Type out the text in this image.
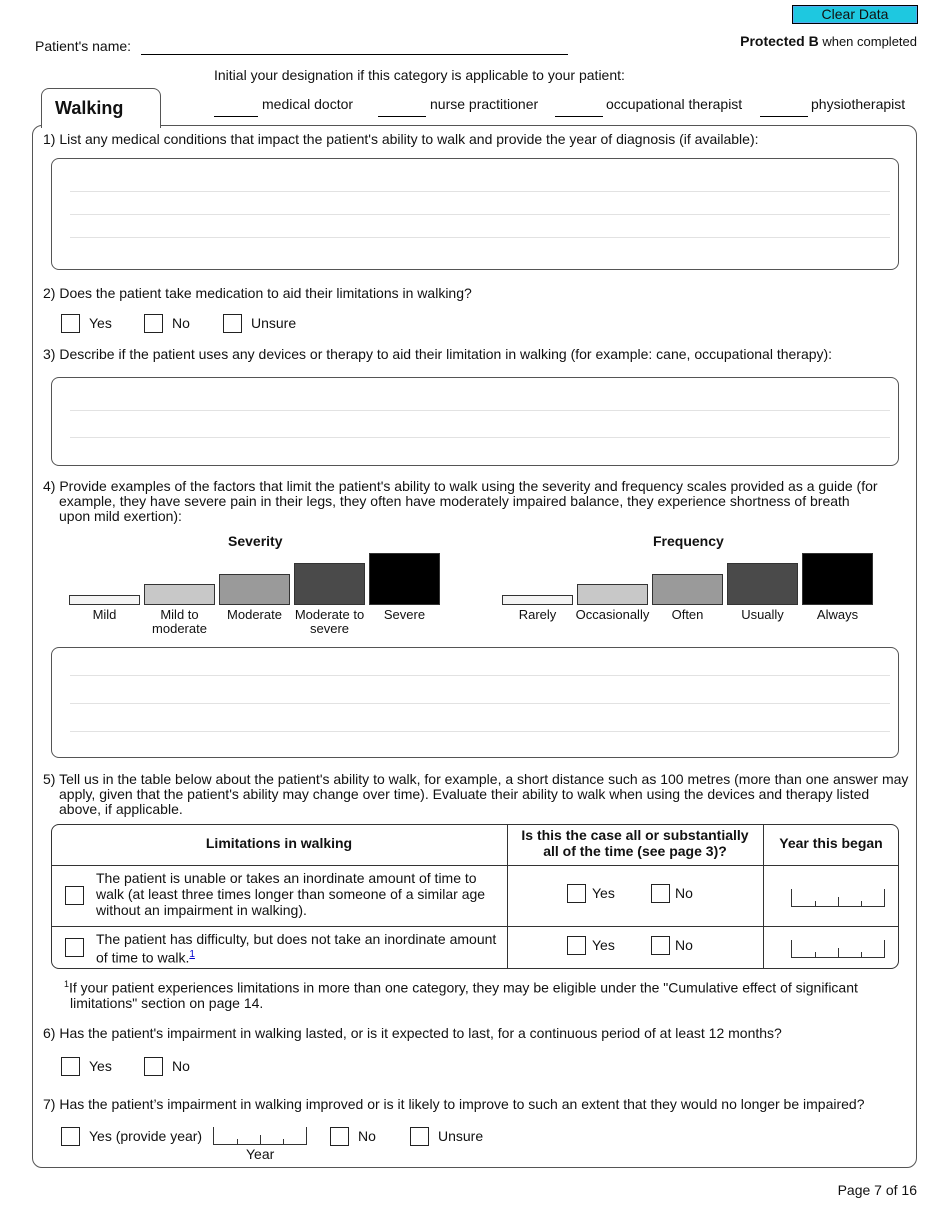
Clear Data
Patient's name:	Protected B when completed
Initial your designation if this category is applicable to your patient:
medical doctor	nurse practitioner	occupational therapist	physiotherapist
Walking
1) List any medical conditions that impact the patient's ability to walk and provide the year of diagnosis (if available):
2) Does the patient take medication to aid their limitations in walking?
Yes	No	Unsure
3) Describe if the patient uses any devices or therapy to aid their limitation in walking (for example: cane, occupational therapy):
4) Provide examples of the factors that limit the patient's ability to walk using the severity and frequency scales provided as a guide (for
example, they have severe pain in their legs, they often have moderately impaired balance, they experience shortness of breath
upon mild exertion):
Severity	Frequency
Mild	Mild to moderate
Moderate Moderate to severe
Severe	Rarely	Occasionally	Often	Usually	Always
5) Tell us in the table below about the patient's ability to walk, for example, a short distance such as 100 metres (more than one answer may
apply, given that the patient's ability may change over time). Evaluate their ability to walk when using the devices and therapy listed
above, if applicable.
Limitations in walking	Is this the case all or substantially
all of the time (see page 3)?	Year this began
The patient is unable or takes an inordinate amount of time to
walk (at least three times longer than someone of a similar age
without an impairment in walking).
Yes	No
The patient has difficulty, but does not take an inordinate amount
of time to walk.$^1$
Yes	No
$^1$If your patient experiences limitations in more than one category, they may be eligible under the "Cumulative effect of significant
limitations" section on page 14.
6) Has the patient's impairment in walking lasted, or is it expected to last, for a continuous period of at least 12 months?
Yes	No
7) Has the patient’s impairment in walking improved or is it likely to improve to such an extent that they would no longer be impaired?
Yes (provide year)
Year
No	Unsure
Page 7 of 16
